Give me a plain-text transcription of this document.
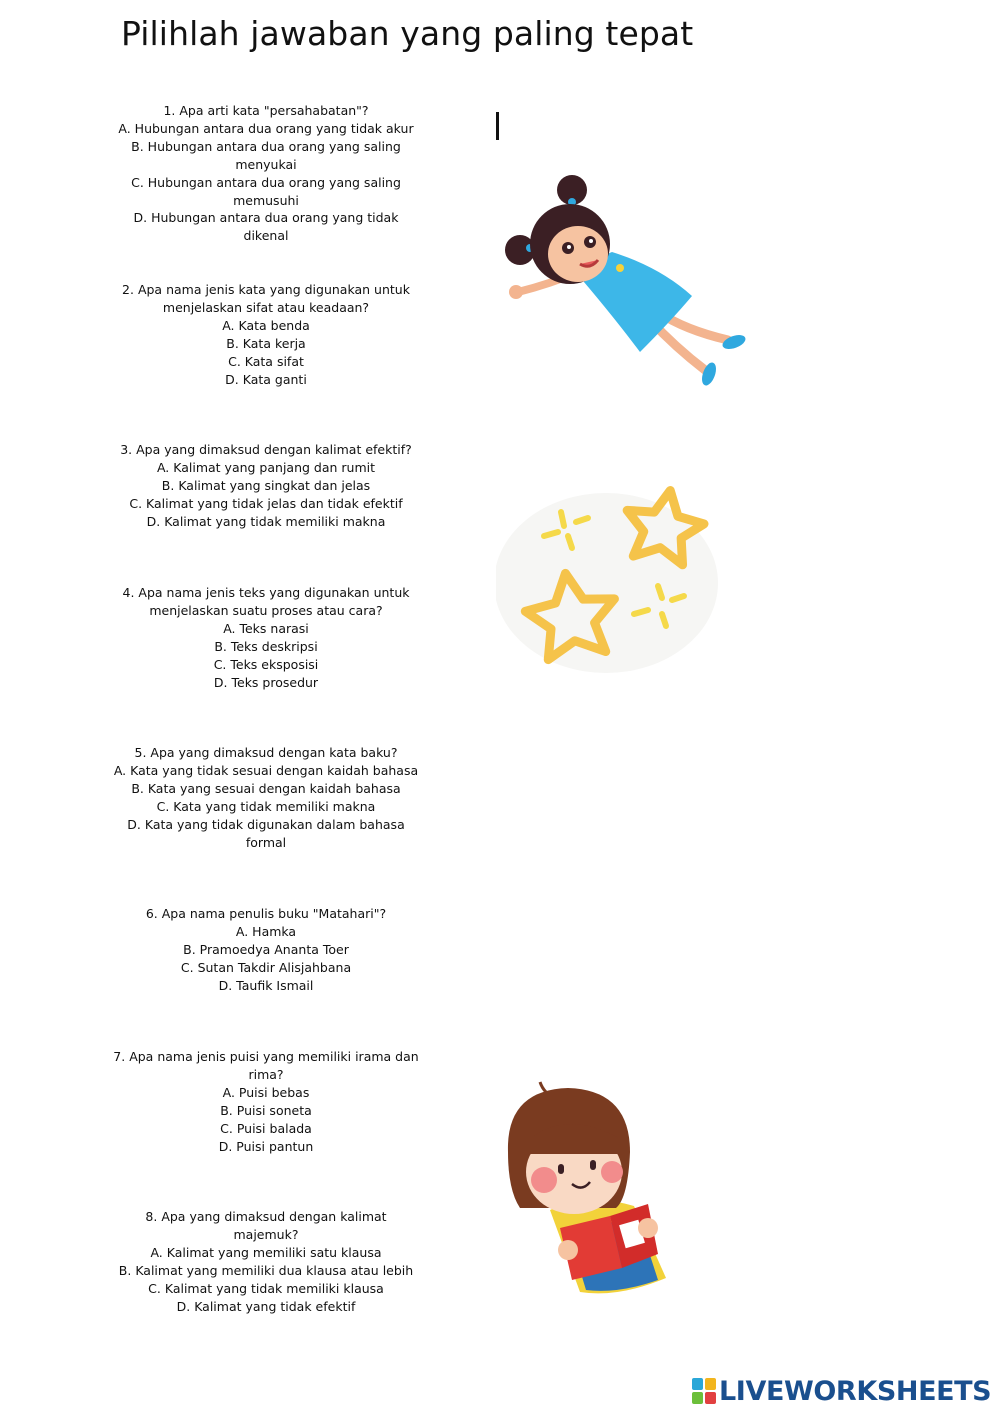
Pilihlah jawaban yang paling tepat
1. Apa arti kata "persahabatan"?
A. Hubungan antara dua orang yang tidak akur
B. Hubungan antara dua orang yang saling
menyukai
C. Hubungan antara dua orang yang saling
memusuhi
D. Hubungan antara dua orang yang tidak dikenal
2. Apa nama jenis kata yang digunakan untuk
menjelaskan sifat atau keadaan?
A. Kata benda
B. Kata kerja
C. Kata sifat
D. Kata ganti
3. Apa yang dimaksud dengan kalimat efektif?
A. Kalimat yang panjang dan rumit
B. Kalimat yang singkat dan jelas
C. Kalimat yang tidak jelas dan tidak efektif
D. Kalimat yang tidak memiliki makna
4. Apa nama jenis teks yang digunakan untuk
menjelaskan suatu proses atau cara?
A. Teks narasi
B. Teks deskripsi
C. Teks eksposisi
D. Teks prosedur
5. Apa yang dimaksud dengan kata baku?
A. Kata yang tidak sesuai dengan kaidah bahasa
B. Kata yang sesuai dengan kaidah bahasa
C. Kata yang tidak memiliki makna
D. Kata yang tidak digunakan dalam bahasa
formal
6. Apa nama penulis buku "Matahari"?
A. Hamka
B. Pramoedya Ananta Toer
C. Sutan Takdir Alisjahbana
D. Taufik Ismail
7. Apa nama jenis puisi yang memiliki irama dan
rima?
A. Puisi bebas
B. Puisi soneta
C. Puisi balada
D. Puisi pantun
8. Apa yang dimaksud dengan kalimat majemuk?
A. Kalimat yang memiliki satu klausa
B. Kalimat yang memiliki dua klausa atau lebih
C. Kalimat yang tidak memiliki klausa
D. Kalimat yang tidak efektif
LIVEWORKSHEETS
